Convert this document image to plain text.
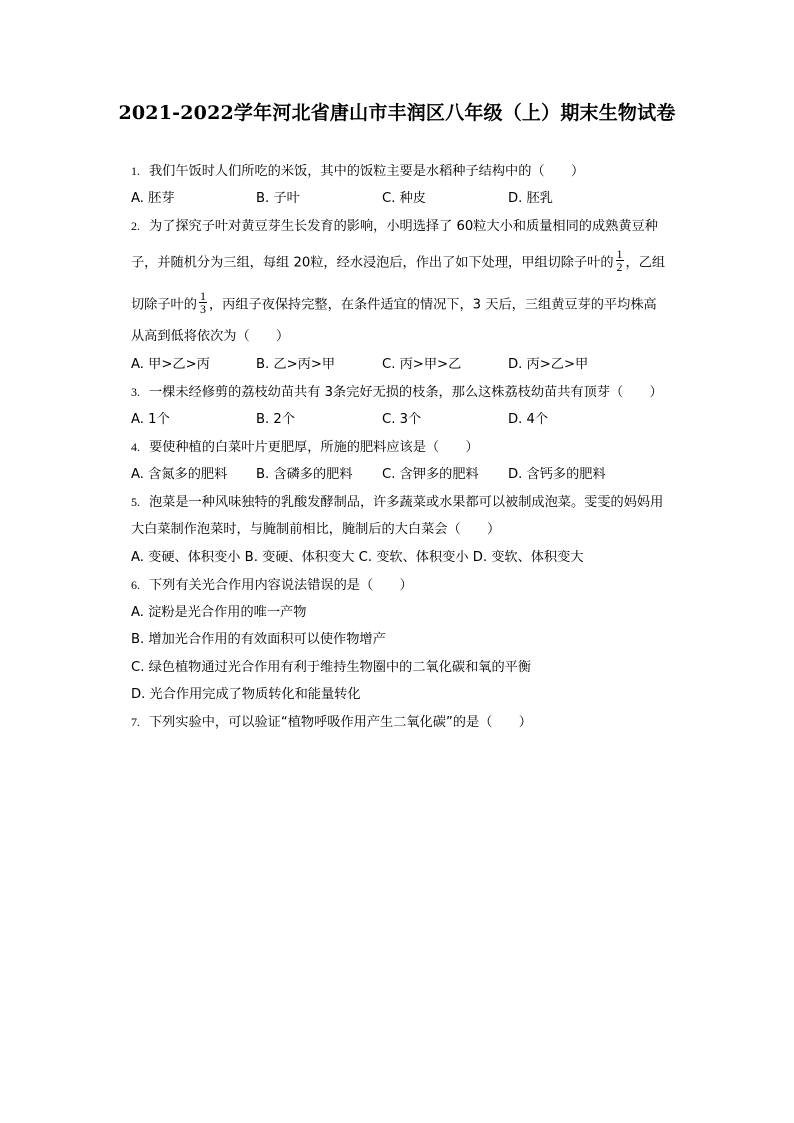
2021-2022学年河北省唐山市丰润区八年级（上）期末生物试卷
1. 我们午饭时人们所吃的米饭，其中的饭粒主要是水稻种子结构中的（　　）
A. 胚芽	B. 子叶	C. 种皮	D. 胚乳
2. 为了探究子叶对黄豆芽生长发育的影响，小明选择了 60粒大小和质量相同的成熟黄豆种
子，并随机分为三组，每组 20粒，经水浸泡后，作出了如下处理，甲组切除子叶的 $\frac{1}{2}$ ，乙组
切除子叶的 $\frac{1}{3}$ ，丙组子夜保持完整，在条件适宜的情况下，3 天后，三组黄豆芽的平均株高
从高到低将依次为（　　）
A. 甲>乙>丙	B. 乙>丙>甲	C. 丙>甲>乙	D. 丙>乙>甲
3. 一棵未经修剪的荔枝幼苗共有 3条完好无损的枝条，那么这株荔枝幼苗共有顶芽（　　）
A. 1个	B. 2个	C. 3个	D. 4个
4. 要使种植的白菜叶片更肥厚，所施的肥料应该是（　　）
A. 含氮多的肥料 B. 含磷多的肥料 C. 含钾多的肥料 D. 含钙多的肥料
5. 泡菜是一种风味独特的乳酸发酵制品，许多蔬菜或水果都可以被制成泡菜。雯雯的妈妈用
大白菜制作泡菜时，与腌制前相比，腌制后的大白菜会（　　）
A. 变硬、体积变小 B. 变硬、体积变大 C. 变软、体积变小 D. 变软、体积变大
6. 下列有关光合作用内容说法错误的是（　　）
A. 淀粉是光合作用的唯一产物
B. 增加光合作用的有效面积可以使作物增产
C. 绿色植物通过光合作用有利于维持生物圈中的二氧化碳和氧的平衡
D. 光合作用完成了物质转化和能量转化
7. 下列实验中，可以验证“植物呼吸作用产生二氧化碳”的是（　　）
